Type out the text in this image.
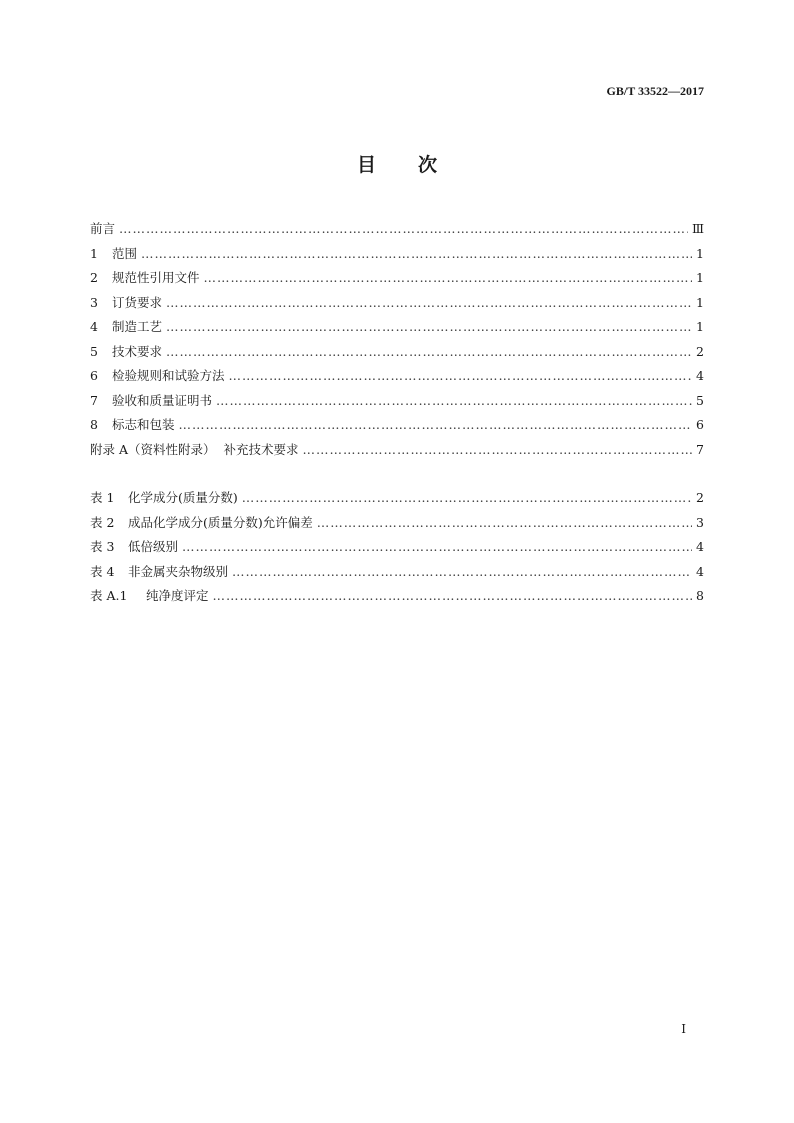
GB/T 33522—2017
目 次
前言 ………………………………………………………………………………………………………………………………………………………………………………	Ⅲ
1	范围 ………………………………………………………………………………………………………………………………………………………………………………	1
2	规范性引用文件 ………………………………………………………………………………………………………………………………………………………………………………	1
3	订货要求 ………………………………………………………………………………………………………………………………………………………………………………	1
4	制造工艺 ………………………………………………………………………………………………………………………………………………………………………………	1
5	技术要求 ………………………………………………………………………………………………………………………………………………………………………………	2
6	检验规则和试验方法 ………………………………………………………………………………………………………………………………………………………………………………	4
7	验收和质量证明书 ………………………………………………………………………………………………………………………………………………………………………………	5
8	标志和包装 ………………………………………………………………………………………………………………………………………………………………………………	6
附录 A（资料性附录）  补充技术要求 ………………………………………………………………………………………………………………………………………………………………………………	7
表 1	化学成分(质量分数) ………………………………………………………………………………………………………………………………………………………………………………	2
表 2	成品化学成分(质量分数)允许偏差 ………………………………………………………………………………………………………………………………………………………………………………	3
表 3	低倍级别 ………………………………………………………………………………………………………………………………………………………………………………	4
表 4	非金属夹杂物级别 ………………………………………………………………………………………………………………………………………………………………………………	4
表 A.1	纯净度评定 ………………………………………………………………………………………………………………………………………………………………………………	8
Ⅰ
